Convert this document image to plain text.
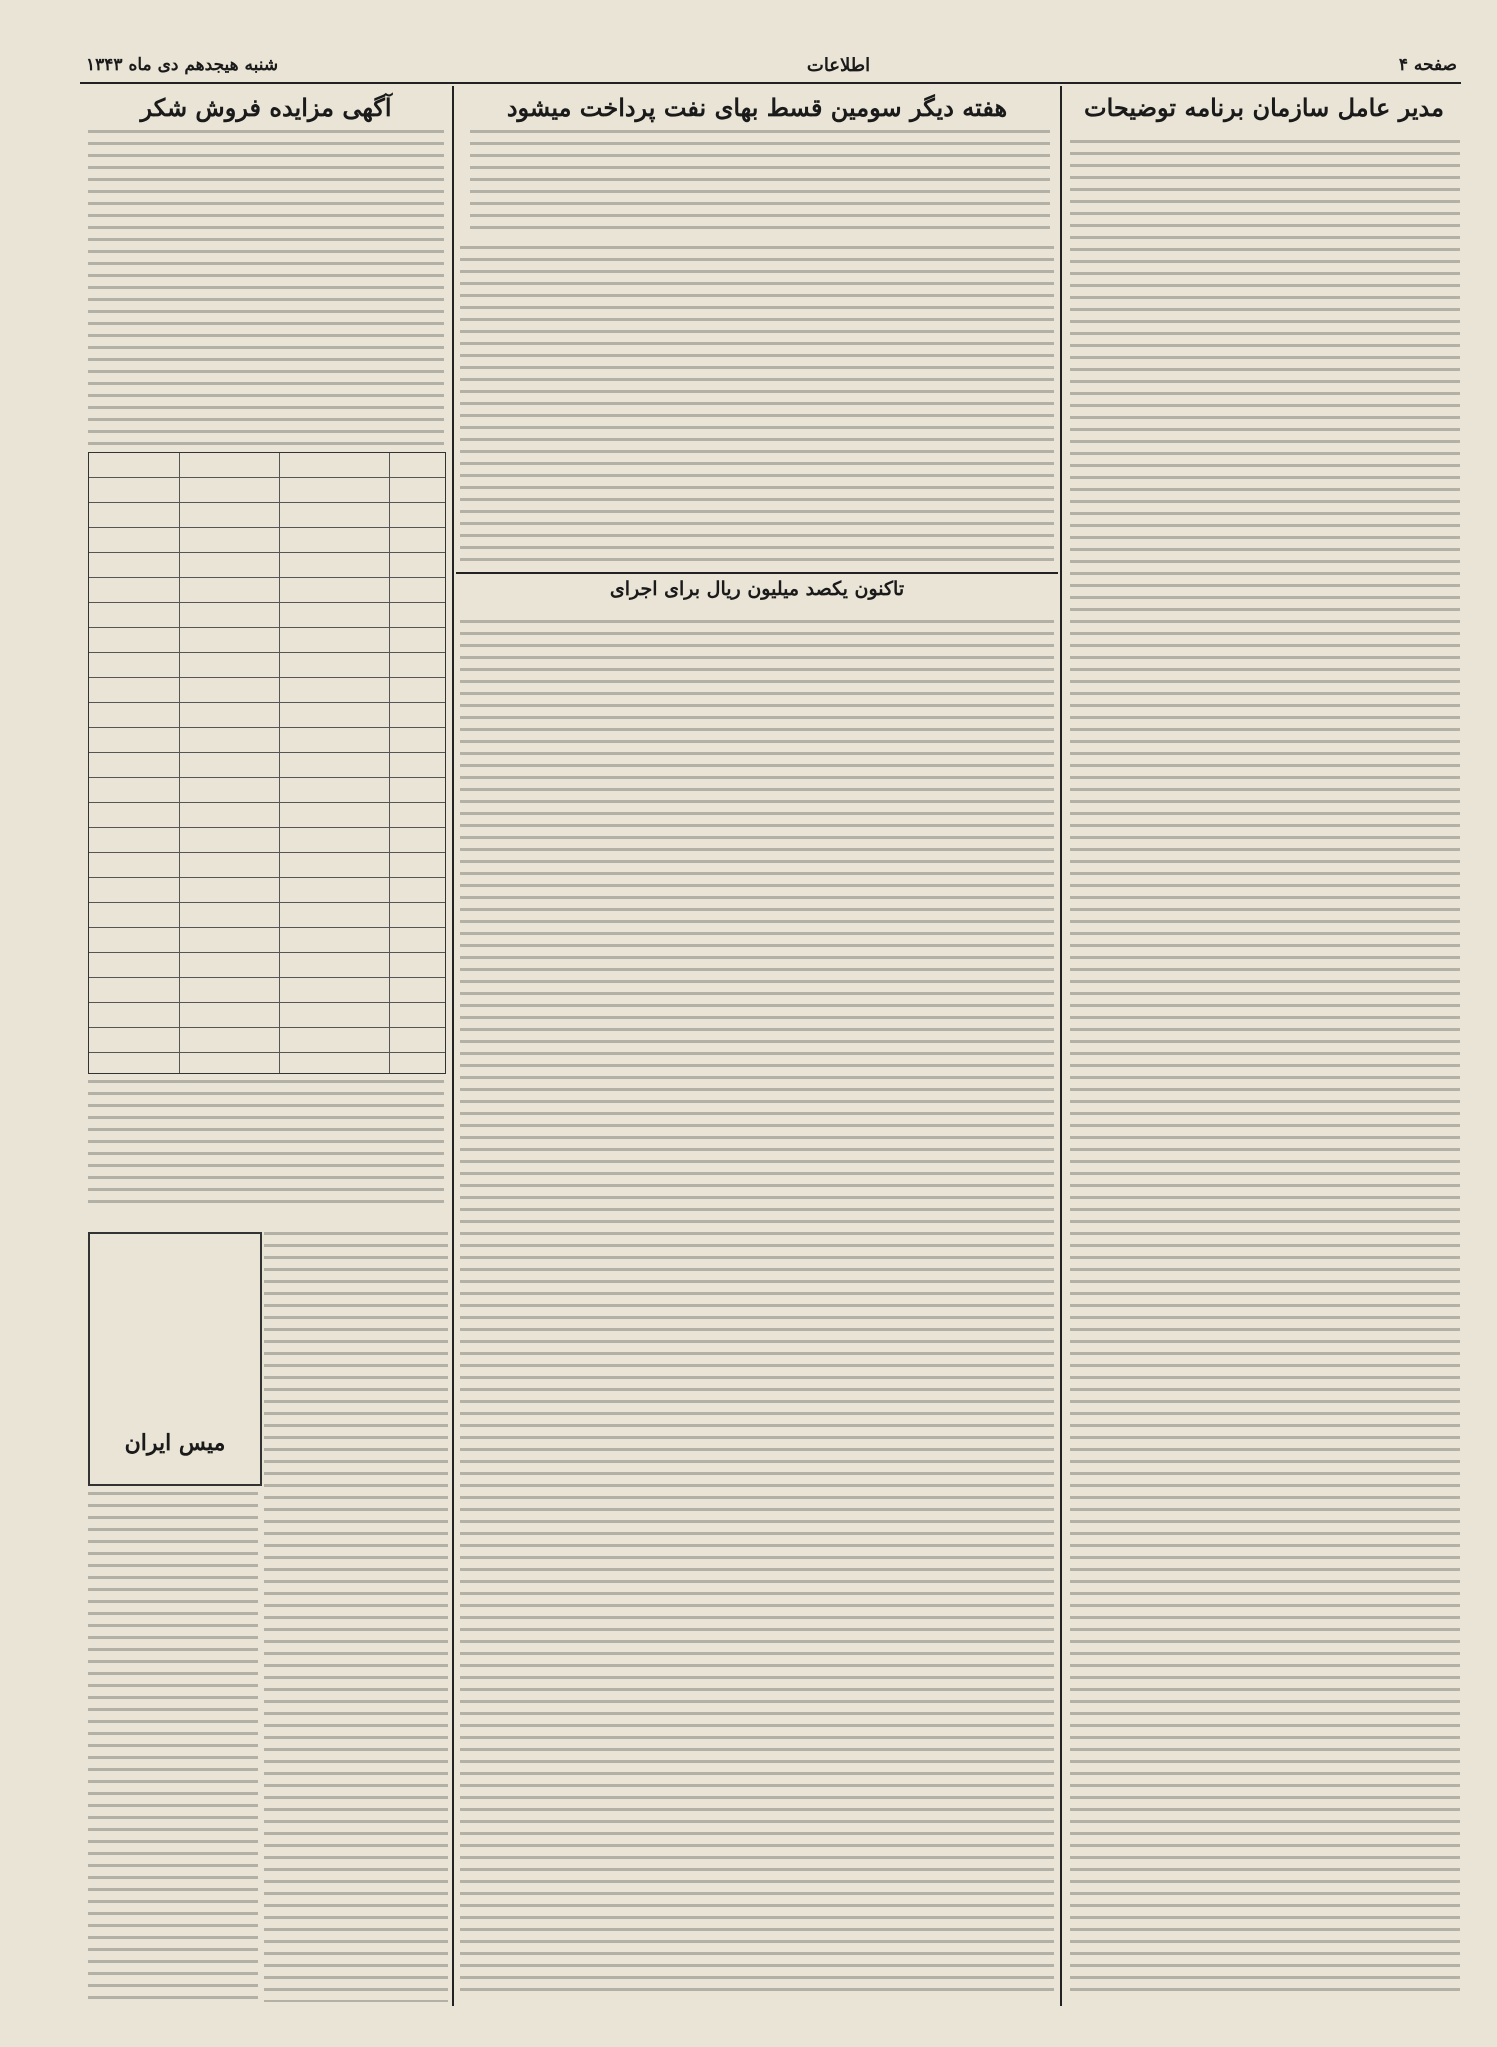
صفحه ۴
اطلاعات
شنبه هیجدهم دی ماه ۱۳۴۳
مدیر عامل سازمان برنامه توضیحات
هفته دیگر سومین قسط بهای نفت پرداخت میشود
تاکنون یکصد میلیون ریال برای اجرای
آگهی مزایده فروش شکر
میس ایران
